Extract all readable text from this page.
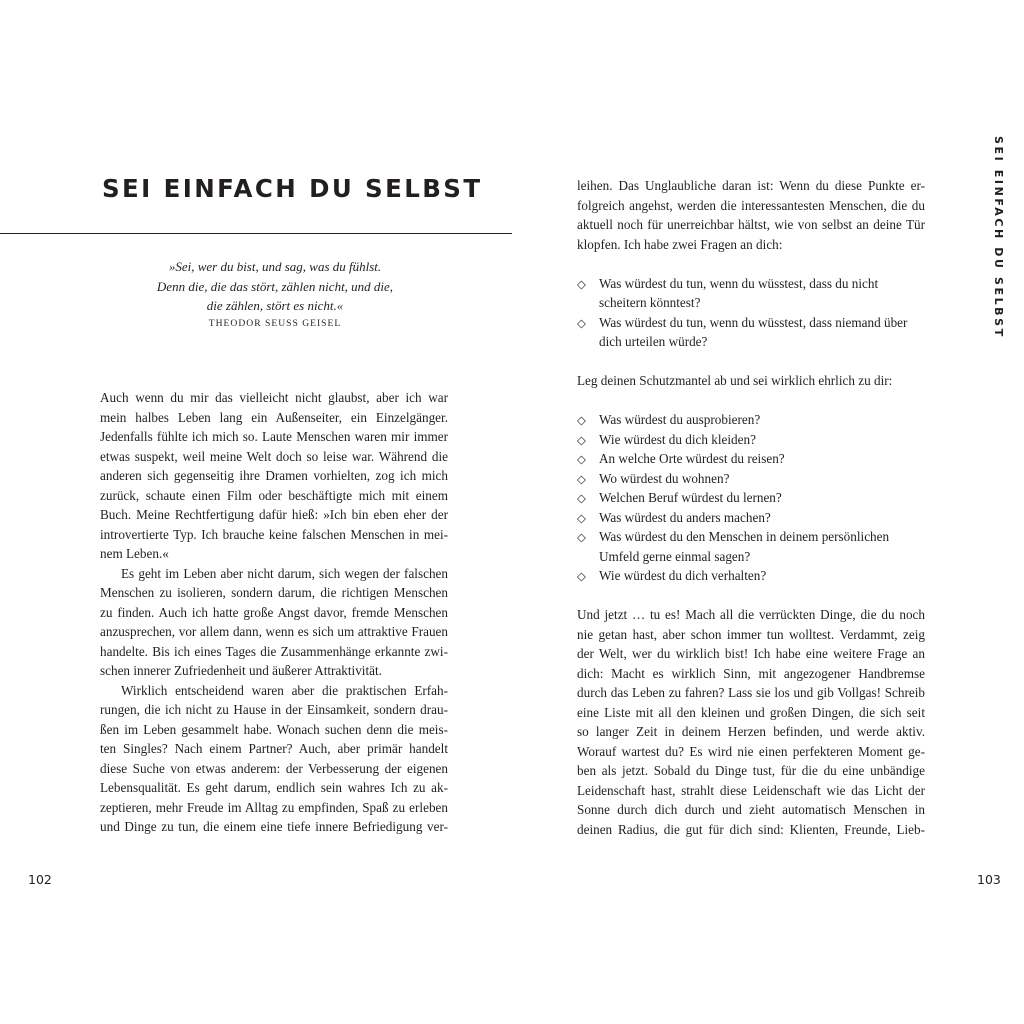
SEI EINFACH DU SELBST
»Sei, wer du bist, und sag, was du fühlst.
Denn die, die das stört, zählen nicht, und die,
die zählen, stört es nicht.«
THEODOR SEUSS GEISEL
Auch wenn du mir das vielleicht nicht glaubst, aber ich war
mein halbes Leben lang ein Außenseiter, ein Einzelgänger.
Jedenfalls fühlte ich mich so. Laute Menschen waren mir immer
etwas suspekt, weil meine Welt doch so leise war. Während die
anderen sich gegenseitig ihre Dramen vorhielten, zog ich mich
zurück, schaute einen Film oder beschäftigte mich mit einem
Buch. Meine Rechtfertigung dafür hieß: »Ich bin eben eher der
introvertierte Typ. Ich brauche keine falschen Menschen in mei-
nem Leben.«
Es geht im Leben aber nicht darum, sich wegen der falschen
Menschen zu isolieren, sondern darum, die richtigen Menschen
zu finden. Auch ich hatte große Angst davor, fremde Menschen
anzusprechen, vor allem dann, wenn es sich um attraktive Frauen
handelte. Bis ich eines Tages die Zusammenhänge erkannte zwi-
schen innerer Zufriedenheit und äußerer Attraktivität.
Wirklich entscheidend waren aber die praktischen Erfah-
rungen, die ich nicht zu Hause in der Einsamkeit, sondern drau-
ßen im Leben gesammelt habe. Wonach suchen denn die meis-
ten Singles? Nach einem Partner? Auch, aber primär handelt
diese Suche von etwas anderem: der Verbesserung der eigenen
Lebensqualität. Es geht darum, endlich sein wahres Ich zu ak-
zeptieren, mehr Freude im Alltag zu empfinden, Spaß zu erleben
und Dinge zu tun, die einem eine tiefe innere Befriedigung ver-
102
leihen. Das Unglaubliche daran ist: Wenn du diese Punkte er-
folgreich angehst, werden die interessantesten Menschen, die du
aktuell noch für unerreichbar hältst, wie von selbst an deine Tür
klopfen. Ich habe zwei Fragen an dich:
◇ Was würdest du tun, wenn du wüsstest, dass du nicht
scheitern könntest?
◇ Was würdest du tun, wenn du wüsstest, dass niemand über
dich urteilen würde?
Leg deinen Schutzmantel ab und sei wirklich ehrlich zu dir:
◇ Was würdest du ausprobieren?
◇ Wie würdest du dich kleiden?
◇ An welche Orte würdest du reisen?
◇ Wo würdest du wohnen?
◇ Welchen Beruf würdest du lernen?
◇ Was würdest du anders machen?
◇ Was würdest du den Menschen in deinem persönlichen
Umfeld gerne einmal sagen?
◇ Wie würdest du dich verhalten?
Und jetzt … tu es! Mach all die verrückten Dinge, die du noch
nie getan hast, aber schon immer tun wolltest. Verdammt, zeig
der Welt, wer du wirklich bist! Ich habe eine weitere Frage an
dich: Macht es wirklich Sinn, mit angezogener Handbremse
durch das Leben zu fahren? Lass sie los und gib Vollgas! Schreib
eine Liste mit all den kleinen und großen Dingen, die sich seit
so langer Zeit in deinem Herzen befinden, und werde aktiv.
Worauf wartest du? Es wird nie einen perfekteren Moment ge-
ben als jetzt. Sobald du Dinge tust, für die du eine unbändige
Leidenschaft hast, strahlt diese Leidenschaft wie das Licht der
Sonne durch dich durch und zieht automatisch Menschen in
deinen Radius, die gut für dich sind: Klienten, Freunde, Lieb-
SEI EINFACH DU SELBST
103
